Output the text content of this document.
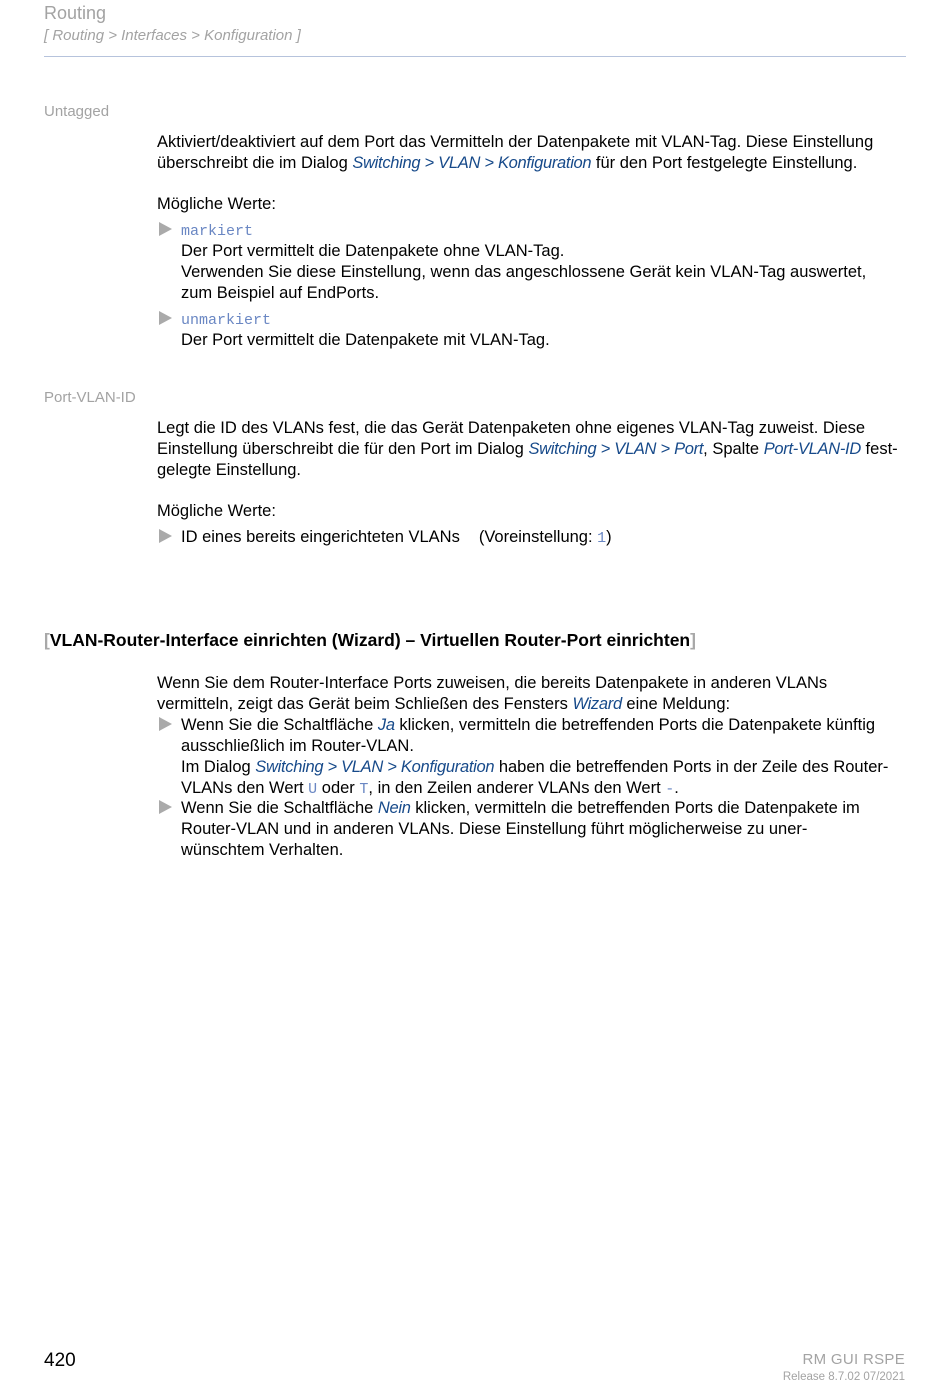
Routing
[ Routing > Interfaces > Konfiguration ]
Untagged
Aktiviert/deaktiviert auf dem Port das Vermitteln der Datenpakete mit VLAN-Tag. Diese Einstellung überschreibt die im Dialog Switching > VLAN > Konfiguration für den Port festgelegte Einstellung.
Mögliche Werte:
markiert
Der Port vermittelt die Datenpakete ohne VLAN-Tag.
Verwenden Sie diese Einstellung, wenn das angeschlossene Gerät kein VLAN-Tag auswertet,
zum Beispiel auf EndPorts.
unmarkiert
Der Port vermittelt die Datenpakete mit VLAN-Tag.
Port-VLAN-ID
Legt die ID des VLANs fest, die das Gerät Datenpaketen ohne eigenes VLAN-Tag zuweist. Diese
Einstellung überschreibt die für den Port im Dialog Switching > VLAN > Port, Spalte Port-VLAN-ID fest-
gelegte Einstellung.
Mögliche Werte:
ID eines bereits eingerichteten VLANs (Voreinstellung: 1)
[VLAN-Router-Interface einrichten (Wizard) – Virtuellen Router-Port einrichten]
Wenn Sie dem Router-Interface Ports zuweisen, die bereits Datenpakete in anderen VLANs
vermitteln, zeigt das Gerät beim Schließen des Fensters Wizard eine Meldung:
Wenn Sie die Schaltfläche Ja klicken, vermitteln die betreffenden Ports die Datenpakete künftig
ausschließlich im Router-VLAN.
Im Dialog Switching > VLAN > Konfiguration haben die betreffenden Ports in der Zeile des Router-
VLANs den Wert U oder T, in den Zeilen anderer VLANs den Wert -.
Wenn Sie die Schaltfläche Nein klicken, vermitteln die betreffenden Ports die Datenpakete im
Router-VLAN und in anderen VLANs. Diese Einstellung führt möglicherweise zu uner-
wünschtem Verhalten.
420	RM GUI RSPE
Release 8.7.02 07/2021
